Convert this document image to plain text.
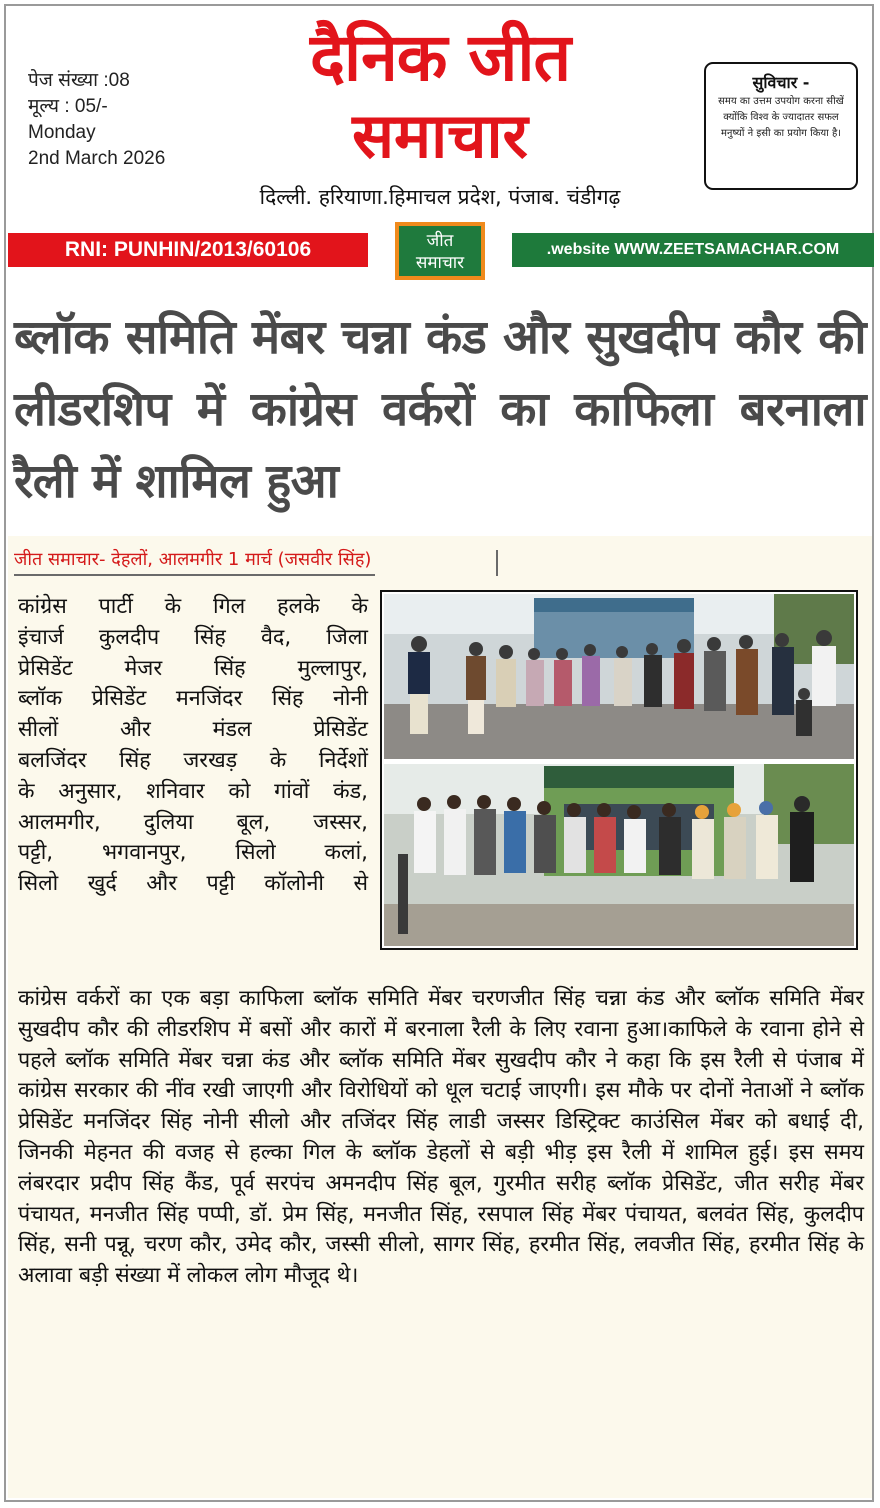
पेज संख्या :08
मूल्य : 05/-
Monday
2nd March 2026
दैनिक जीत
समाचार
दिल्ली. हरियाणा.हिमाचल प्रदेश, पंजाब. चंडीगढ़
सुविचार -
समय का उत्तम उपयोग करना सीखें क्योंकि विश्व के ज्यादातर सफल मनुष्यों ने इसी का प्रयोग किया है।
RNI: PUNHIN/2013/60106	जीत
समाचार
.website WWW.ZEETSAMACHAR.COM
ब्लॉक समिति मेंबर चन्ना कंड और सुखदीप कौर की लीडरशिप में कांग्रेस वर्करों का काफिला बरनाला रैली में शामिल हुआ
जीत समाचार- देहलों, आलमगीर 1 मार्च (जसवीर सिंह)
कांग्रेस पार्टी के गिल हलके के
इंचार्ज कुलदीप सिंह वैद, जिला
प्रेसिडेंट मेजर सिंह मुल्लापुर,
ब्लॉक प्रेसिडेंट मनजिंदर सिंह नोनी
सीलों और मंडल प्रेसिडेंट
बलजिंदर सिंह जरखड़ के निर्देशों
के अनुसार, शनिवार को गांवों कंड,
आलमगीर, दुलिया बूल, जस्सर,
पट्टी, भगवानपुर, सिलो कलां,
सिलो खुर्द और पट्टी कॉलोनी से
कांग्रेस वर्करों का एक बड़ा काफिला ब्लॉक समिति मेंबर चरणजीत सिंह चन्ना कंड और ब्लॉक समिति मेंबर सुखदीप कौर की लीडरशिप में बसों और कारों में बरनाला रैली के लिए रवाना हुआ।काफिले के रवाना होने से पहले ब्लॉक समिति मेंबर चन्ना कंड और ब्लॉक समिति मेंबर सुखदीप कौर ने कहा कि इस रैली से पंजाब में कांग्रेस सरकार की नींव रखी जाएगी और विरोधियों को धूल चटाई जाएगी। इस मौके पर दोनों नेताओं ने ब्लॉक प्रेसिडेंट मनजिंदर सिंह नोनी सीलो और तजिंदर सिंह लाडी जस्सर डिस्ट्रिक्ट काउंसिल मेंबर को बधाई दी, जिनकी मेहनत की वजह से हल्का गिल के ब्लॉक डेहलों से बड़ी भीड़ इस रैली में शामिल हुई। इस समय लंबरदार प्रदीप सिंह कैंड, पूर्व सरपंच अमनदीप सिंह बूल, गुरमीत सरीह ब्लॉक प्रेसिडेंट, जीत सरीह मेंबर पंचायत, मनजीत सिंह पप्पी, डॉ. प्रेम सिंह, मनजीत सिंह, रसपाल सिंह मेंबर पंचायत, बलवंत सिंह, कुलदीप सिंह, सनी पन्नू, चरण कौर, उमेद कौर, जस्सी सीलो, सागर सिंह, हरमीत सिंह, लवजीत सिंह, हरमीत सिंह के अलावा बड़ी संख्या में लोकल लोग मौजूद थे।
